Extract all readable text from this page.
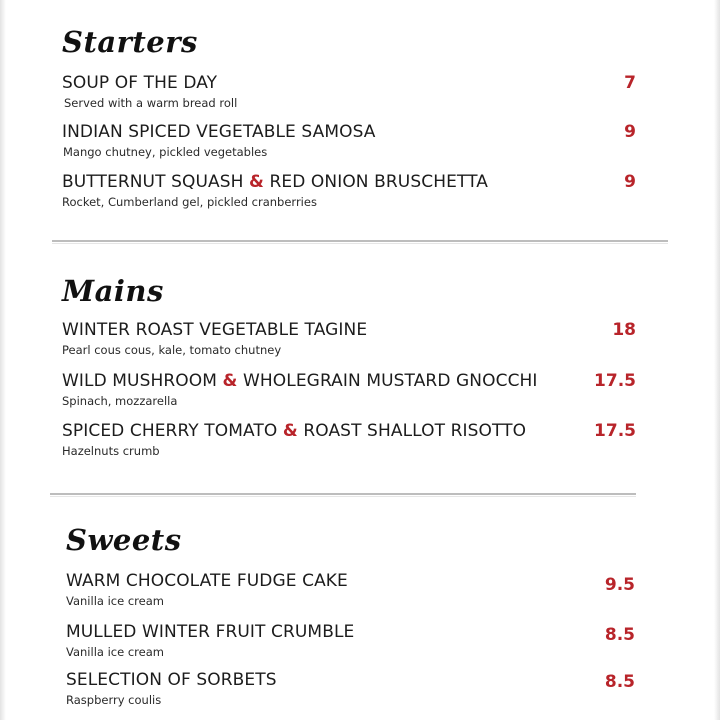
Starters
SOUP OF THE DAY
Served with a warm bread roll
7
INDIAN SPICED VEGETABLE SAMOSA
Mango chutney, pickled vegetables
9
BUTTERNUT SQUASH & RED ONION BRUSCHETTA
Rocket, Cumberland gel, pickled cranberries
9
Mains
WINTER ROAST VEGETABLE TAGINE
Pearl cous cous, kale, tomato chutney
18
WILD MUSHROOM & WHOLEGRAIN MUSTARD GNOCCHI
Spinach, mozzarella
17.5
SPICED CHERRY TOMATO & ROAST SHALLOT RISOTTO
Hazelnuts crumb
17.5
Sweets
WARM CHOCOLATE FUDGE CAKE
Vanilla ice cream
9.5
MULLED WINTER FRUIT CRUMBLE
Vanilla ice cream
8.5
SELECTION OF SORBETS
Raspberry coulis
8.5
